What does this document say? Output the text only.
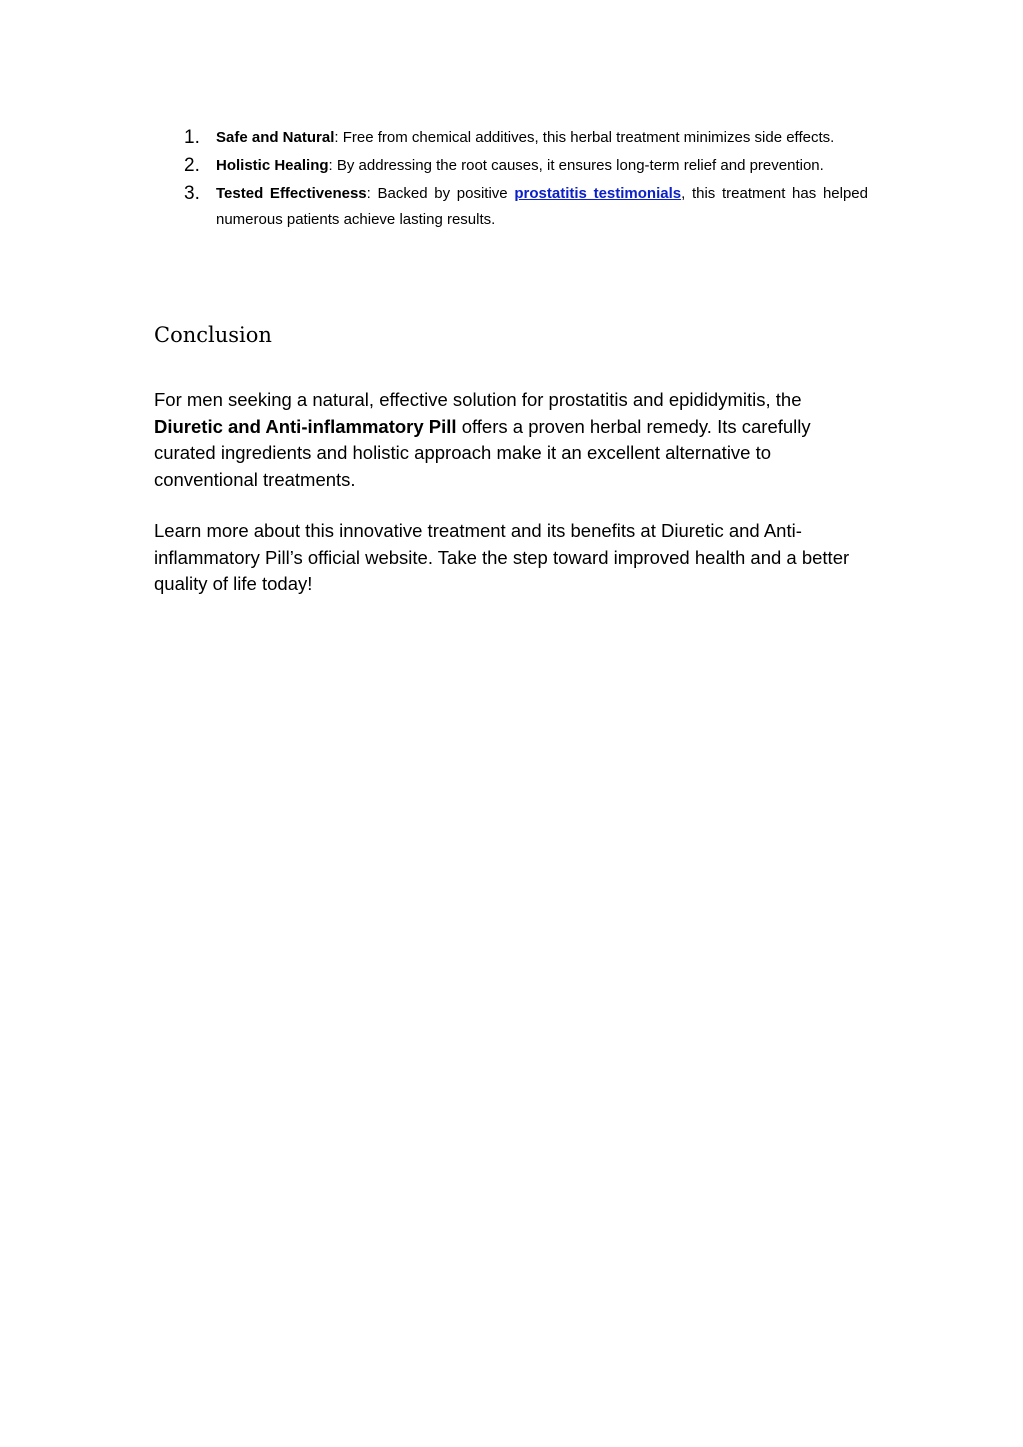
1.	Safe and Natural: Free from chemical additives, this herbal treatment minimizes side effects.
2.	Holistic Healing: By addressing the root causes, it ensures long-term relief and prevention.
3.	Tested Effectiveness: Backed by positive prostatitis testimonials, this treatment has helped numerous patients achieve lasting results.
Conclusion

For men seeking a natural, effective solution for prostatitis and epididymitis, the Diuretic and Anti-inflammatory Pill offers a proven herbal remedy. Its carefully curated ingredients and holistic approach make it an excellent alternative to conventional treatments.

Learn more about this innovative treatment and its benefits at Diuretic and Anti-inflammatory Pill’s official website. Take the step toward improved health and a better quality of life today!
